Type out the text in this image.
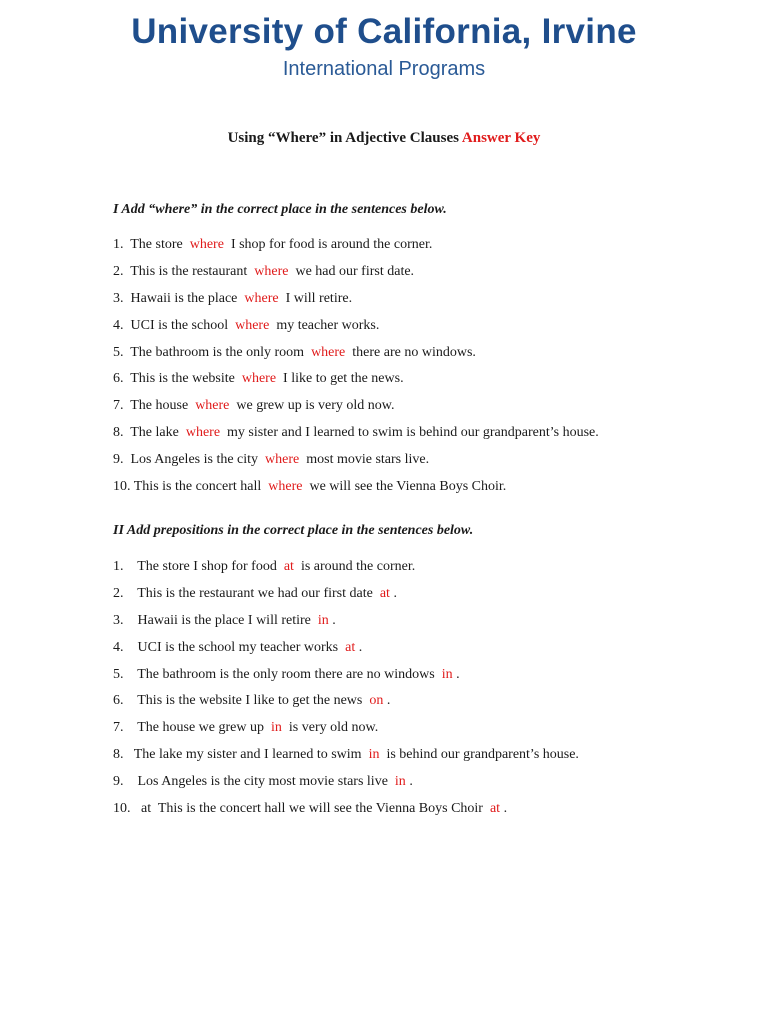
University of California, Irvine
International Programs
Using “Where” in Adjective Clauses Answer Key
I Add “where” in the correct place in the sentences below.
1.  The store  where  I shop for food is around the corner.
2.  This is the restaurant  where  we had our first date.
3.  Hawaii is the place  where  I will retire.
4.  UCI is the school  where  my teacher works.
5.  The bathroom is the only room  where  there are no windows.
6.  This is the website  where  I like to get the news.
7.  The house  where  we grew up is very old now.
8.  The lake  where  my sister and I learned to swim is behind our grandparent’s house.
9.  Los Angeles is the city  where  most movie stars live.
10. This is the concert hall  where  we will see the Vienna Boys Choir.
II Add prepositions in the correct place in the sentences below.
1.    The store I shop for food  at  is around the corner.
2.    This is the restaurant we had our first date  at .
3.    Hawaii is the place I will retire  in .
4.    UCI is the school my teacher works  at .
5.    The bathroom is the only room there are no windows  in .
6.    This is the website I like to get the news  on .
7.    The house we grew up  in  is very old now.
8.   The lake my sister and I learned to swim  in  is behind our grandparent’s house.
9.    Los Angeles is the city most movie stars live  in .
10.   at  This is the concert hall we will see the Vienna Boys Choir  at .
